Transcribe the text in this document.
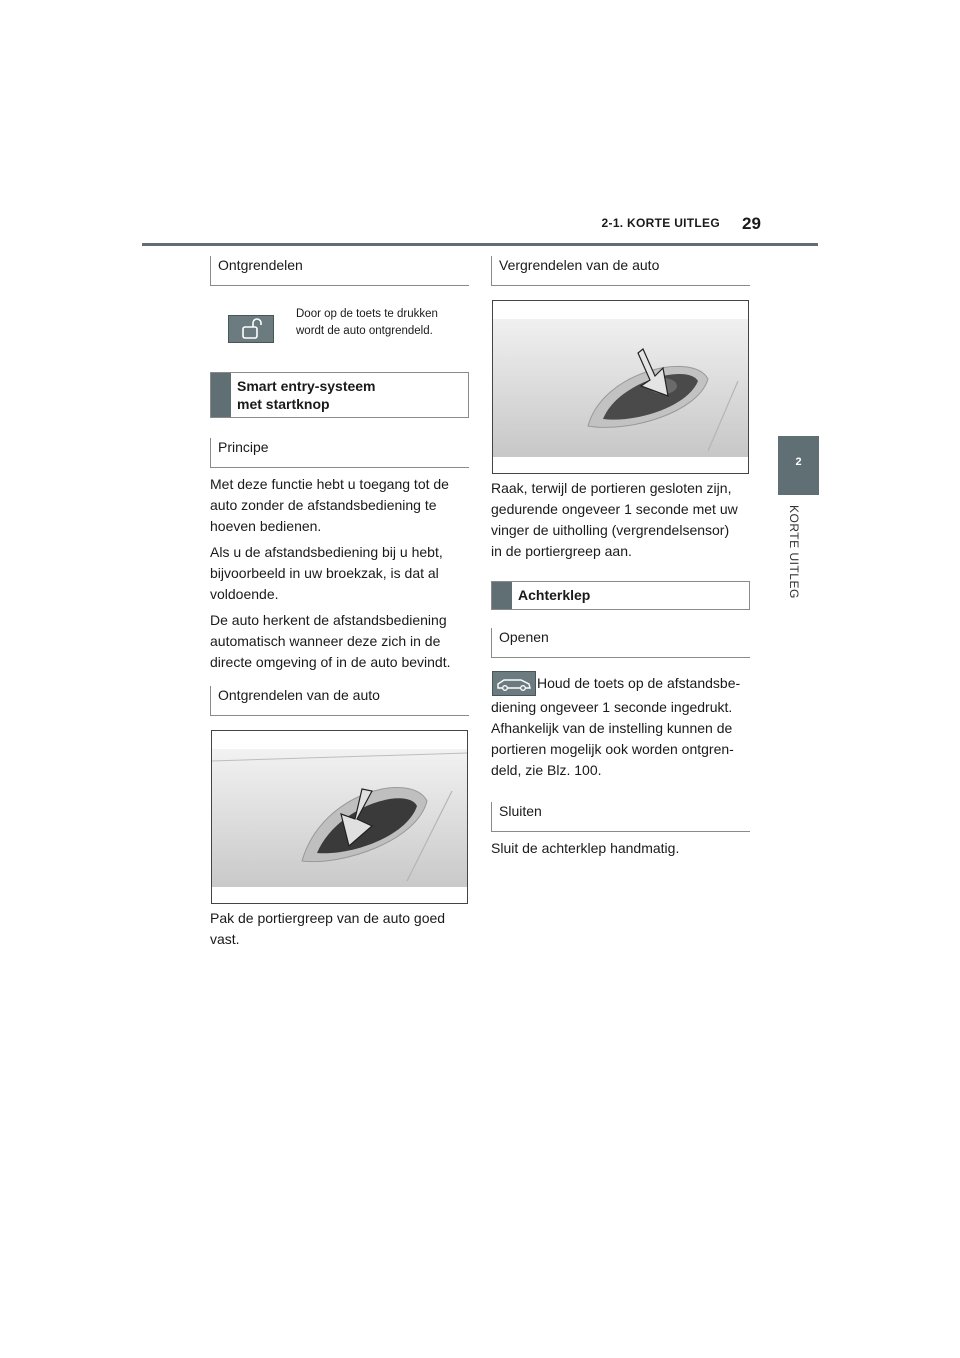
2-1. KORTE UITLEG 29
2
KORTE UITLEG
Ontgrendelen
Door op de toets te drukken
wordt de auto ontgrendeld.
Smart entry-systeem
met startknop
Principe
Met deze functie hebt u toegang tot de
auto zonder de afstandsbediening te
hoeven bedienen.
Als u de afstandsbediening bij u hebt,
bijvoorbeeld in uw broekzak, is dat al
voldoende.
De auto herkent de afstandsbediening
automatisch wanneer deze zich in de
directe omgeving of in de auto bevindt.
Ontgrendelen van de auto
Pak de portiergreep van de auto goed
vast.
Vergrendelen van de auto
Raak, terwijl de portieren gesloten zijn,
gedurende ongeveer 1 seconde met uw
vinger de uitholling (vergrendelsensor)
in de portiergreep aan.
Achterklep
Openen
Houd de toets op de afstandsbe-
diening ongeveer 1 seconde ingedrukt.
Afhankelijk van de instelling kunnen de
portieren mogelijk ook worden ontgren-
deld, zie Blz. 100.
Sluiten
Sluit de achterklep handmatig.
